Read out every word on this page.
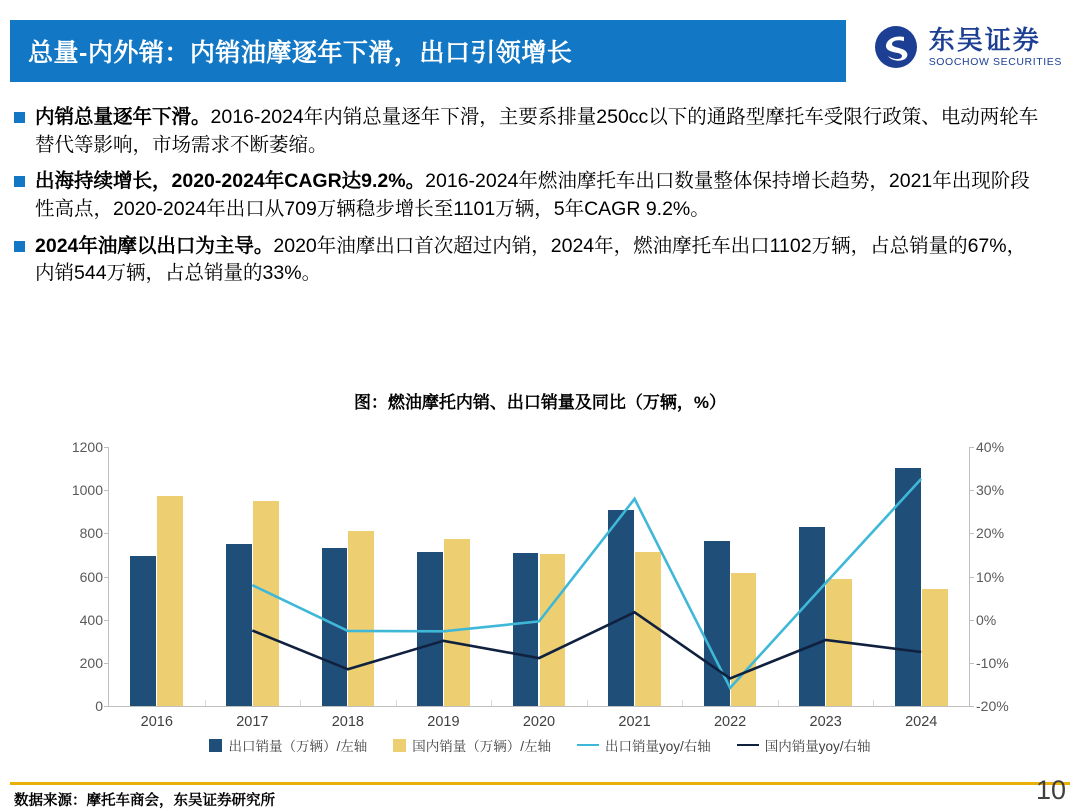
总量-内外销：内销油摩逐年下滑，出口引领增长	东吴证券
SOOCHOW SECURITIES
内销总量逐年下滑。2016-2024年内销总量逐年下滑，主要系排量250cc以下的通路型摩托车受限行政策、电动两轮车替代等影响，市场需求不断萎缩。
出海持续增长，2020-2024年CAGR达9.2%。2016-2024年燃油摩托车出口数量整体保持增长趋势，2021年出现阶段性高点，2020-2024年出口从709万辆稳步增长至1101万辆，5年CAGR 9.2%。
2024年油摩以出口为主导。2020年油摩出口首次超过内销，2024年，燃油摩托车出口1102万辆，占总销量的67%，内销544万辆，占总销量的33%。
图：燃油摩托内销、出口销量及同比（万辆，%）
0
200
400
600
800
1000
1200
-20%
-10%
0%
10%
20%
30%
40%
2016	2017	2018	2019	2020	2021	2022	2023	2024
出口销量（万辆）/左轴	国内销量（万辆）/左轴	出口销量yoy/右轴	国内销量yoy/右轴
数据来源：摩托车商会，东吴证券研究所	10
